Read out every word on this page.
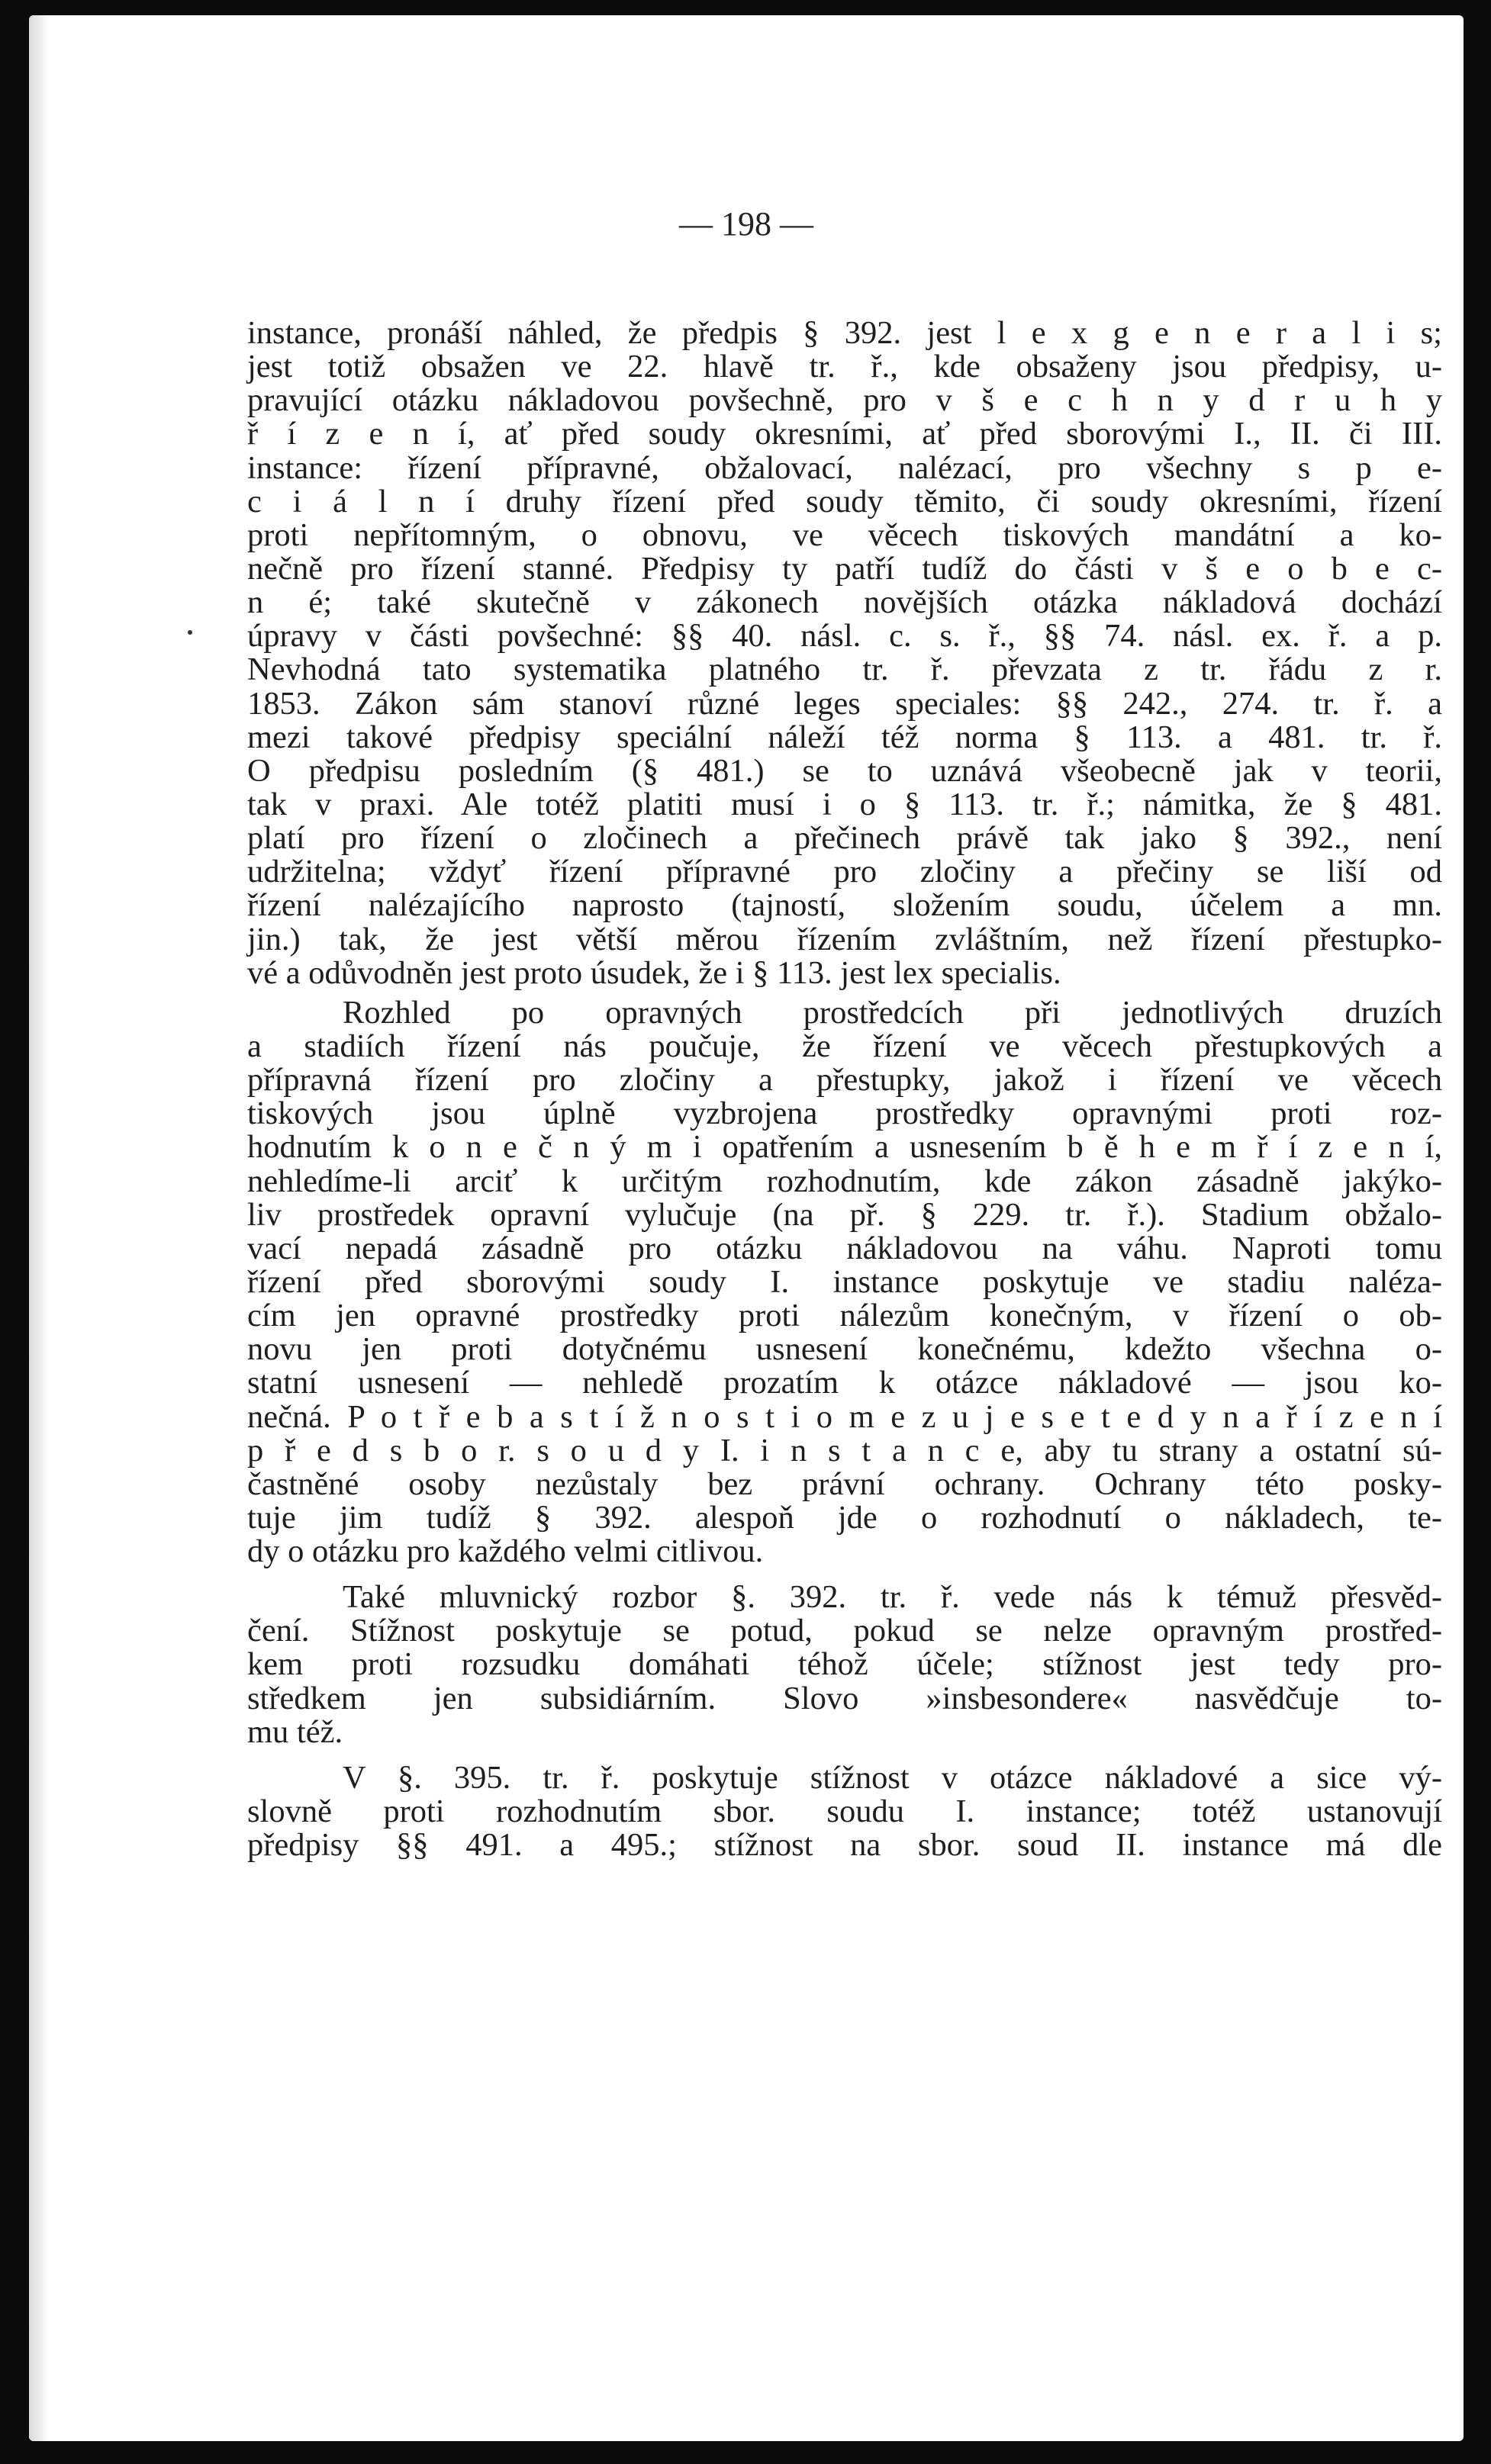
— 198 —
instance, pronáší náhled, že předpis § 392. jest l e x g e n e r a l i s;
jest totiž obsažen ve 22. hlavě tr. ř., kde obsaženy jsou předpisy, u-
pravující otázku nákladovou povšechně, pro v š e c h n y d r u h y
ř í z e n í, ať před soudy okresními, ať před sborovými I., II. či III.
instance: řízení přípravné, obžalovací, nalézací, pro všechny s p e-
c i á l n í druhy řízení před soudy těmito, či soudy okresními, řízení
proti nepřítomným, o obnovu, ve věcech tiskových mandátní a ko-
nečně pro řízení stanné. Předpisy ty patří tudíž do části v š e o b e c-
n é; také skutečně v zákonech novějších otázka nákladová dochází
úpravy v části povšechné: §§ 40. násl. c. s. ř., §§ 74. násl. ex. ř. a p.
Nevhodná tato systematika platného tr. ř. převzata z tr. řádu z r.
1853. Zákon sám stanoví různé leges speciales: §§ 242., 274. tr. ř. a
mezi takové předpisy speciální náleží též norma § 113. a 481. tr. ř.
O předpisu posledním (§ 481.) se to uznává všeobecně jak v teorii,
tak v praxi. Ale totéž platiti musí i o § 113. tr. ř.; námitka, že § 481.
platí pro řízení o zločinech a přečinech právě tak jako § 392., není
udržitelna; vždyť řízení přípravné pro zločiny a přečiny se liší od
řízení nalézajícího naprosto (tajností, složením soudu, účelem a mn.
jin.) tak, že jest větší měrou řízením zvláštním, než řízení přestupko-
vé a odůvodněn jest proto úsudek, že i § 113. jest lex specialis.
Rozhled po opravných prostředcích při jednotlivých druzích
a stadiích řízení nás poučuje, že řízení ve věcech přestupkových a
přípravná řízení pro zločiny a přestupky, jakož i řízení ve věcech
tiskových jsou úplně vyzbrojena prostředky opravnými proti roz-
hodnutím k o n e č n ý m i opatřením a usnesením b ě h e m ř í z e n í,
nehledíme-li arciť k určitým rozhodnutím, kde zákon zásadně jakýko-
liv prostředek opravní vylučuje (na př. § 229. tr. ř.). Stadium obžalo-
vací nepadá zásadně pro otázku nákladovou na váhu. Naproti tomu
řízení před sborovými soudy I. instance poskytuje ve stadiu naléza-
cím jen opravné prostředky proti nálezům konečným, v řízení o ob-
novu jen proti dotyčnému usnesení konečnému, kdežto všechna o-
statní usnesení — nehledě prozatím k otázce nákladové — jsou ko-
nečná. P o t ř e b a s t í ž n o s t i o m e z u j e s e t e d y n a ř í z e n í
p ř e d s b o r. s o u d y I. i n s t a n c e, aby tu strany a ostatní sú-
častněné osoby nezůstaly bez právní ochrany. Ochrany této posky-
tuje jim tudíž § 392. alespoň jde o rozhodnutí o nákladech, te-
dy o otázku pro každého velmi citlivou.
Také mluvnický rozbor §. 392. tr. ř. vede nás k témuž přesvěd-
čení. Stížnost poskytuje se potud, pokud se nelze opravným prostřed-
kem proti rozsudku domáhati téhož účele; stížnost jest tedy pro-
středkem jen subsidiárním. Slovo »insbesondere« nasvědčuje to-
mu též.
V §. 395. tr. ř. poskytuje stížnost v otázce nákladové a sice vý-
slovně proti rozhodnutím sbor. soudu I. instance; totéž ustanovují
předpisy §§ 491. a 495.; stížnost na sbor. soud II. instance má dle
